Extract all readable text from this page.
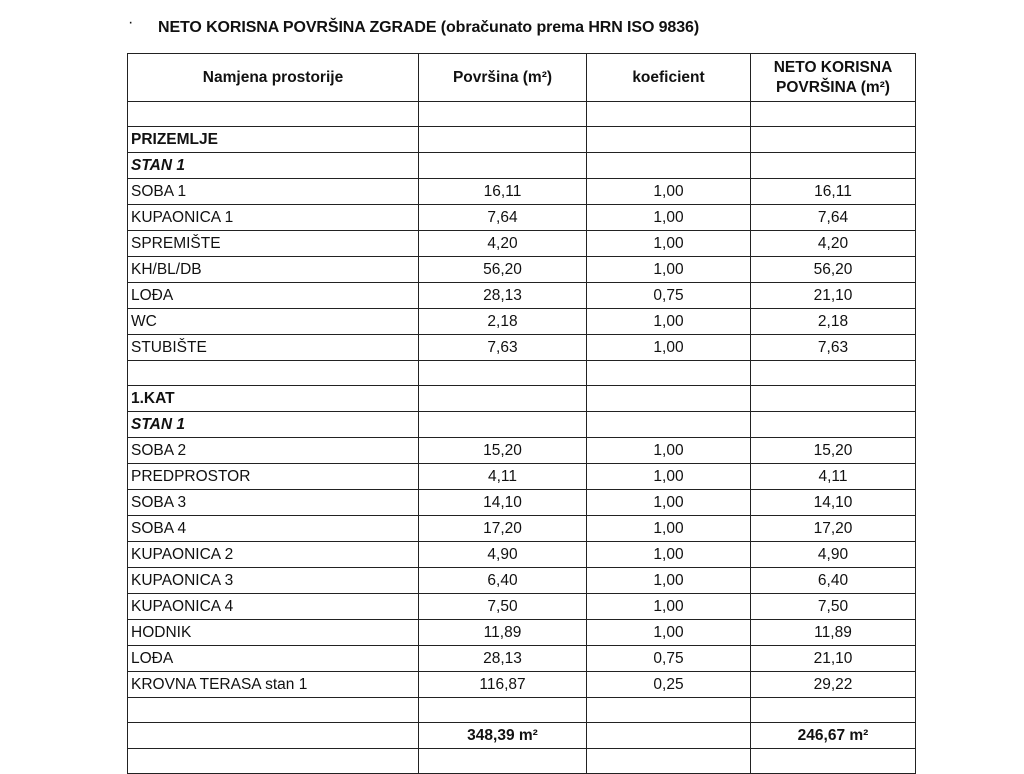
· NETO KORISNA POVRŠINA ZGRADE (obračunato prema HRN ISO 9836)
Namjena prostorije	Površina (m²)	koeficient	NETO KORISNA
POVRŠINA (m²)

PRIZEMLJE			
STAN 1			
SOBA 1	16,11	1,00	16,11
KUPAONICA 1	7,64	1,00	7,64
SPREMIŠTE	4,20	1,00	4,20
KH/BL/DB	56,20	1,00	56,20
LOĐA	28,13	0,75	21,10
WC	2,18	1,00	2,18
STUBIŠTE	7,63	1,00	7,63

1.KAT			
STAN 1			
SOBA 2	15,20	1,00	15,20
PREDPROSTOR	4,11	1,00	4,11
SOBA 3	14,10	1,00	14,10
SOBA 4	17,20	1,00	17,20
KUPAONICA 2	4,90	1,00	4,90
KUPAONICA 3	6,40	1,00	6,40
KUPAONICA 4	7,50	1,00	7,50
HODNIK	11,89	1,00	11,89
LOĐA	28,13	0,75	21,10
KROVNA TERASA stan 1	116,87	0,25	29,22

	348,39 m²		246,67 m²
